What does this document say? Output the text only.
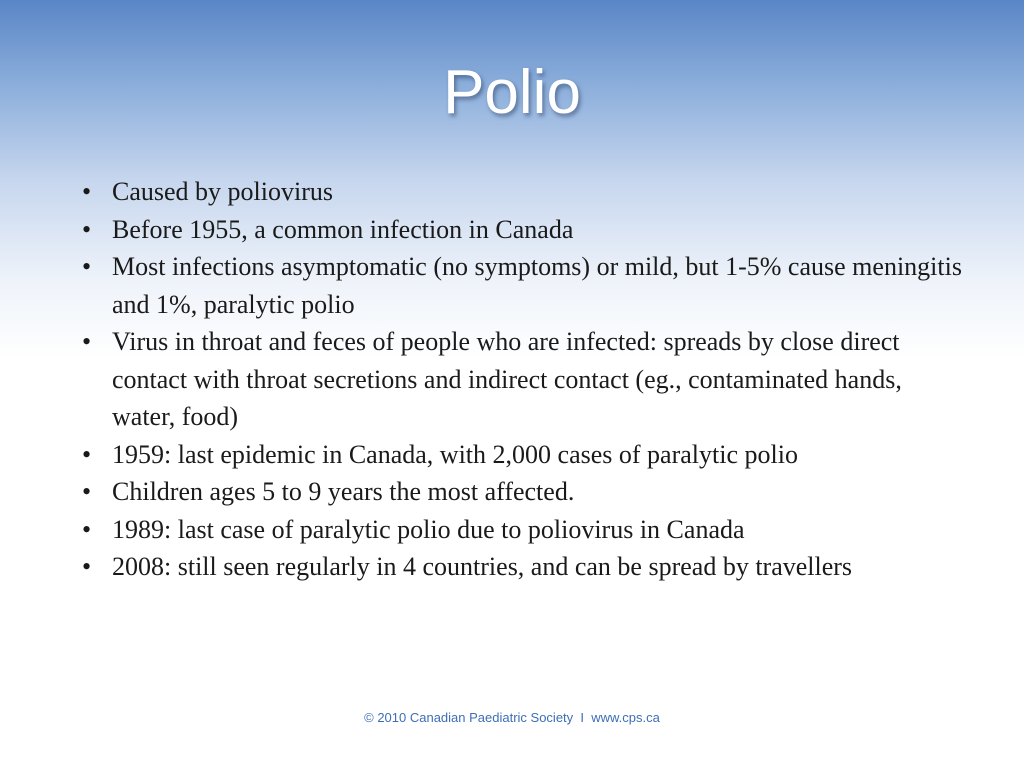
Polio
• Caused by poliovirus
• Before 1955, a common infection in Canada
• Most infections asymptomatic (no symptoms) or mild, but 1-5% cause meningitis and 1%, paralytic polio
• Virus in throat and feces of people who are infected: spreads by close direct contact with throat secretions and indirect contact (eg., contaminated hands, water, food)
• 1959: last epidemic in Canada, with 2,000 cases of paralytic polio
• Children ages 5 to 9 years the most affected.
• 1989: last case of paralytic polio due to poliovirus in Canada
• 2008: still seen regularly in 4 countries, and can be spread by travellers
© 2010 Canadian Paediatric Society  I  www.cps.ca
